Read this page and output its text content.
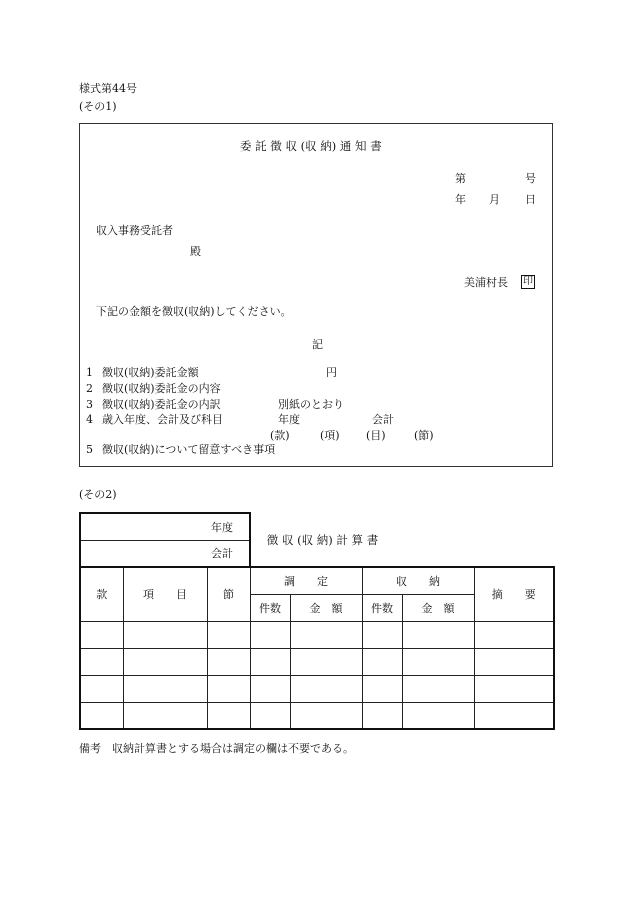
様式第44号
(その1)
委 託 徴 収 (収 納) 通 知 書
第	号
年 月 日
収入事務受託者
殿
美浦村長 印
下記の金額を徴収(収納)してください。
記
1 徴収(収納)委託金額	円
2 徴収(収納)委託金の内容
3 徴収(収納)委託金の内訳	別紙のとおり
4 歳入年度、会計及び科目	年度	会計
(款)	(項) (目)	(節)
5 徴収(収納)について留意すべき事項
(その2)
年度			徴 収 (収 納) 計 算 書				
会計							
款	項　　目	節	調　　定		収　　納		摘　　要
			件数	金　額	件数	金　額	

備考　収納計算書とする場合は調定の欄は不要である。
